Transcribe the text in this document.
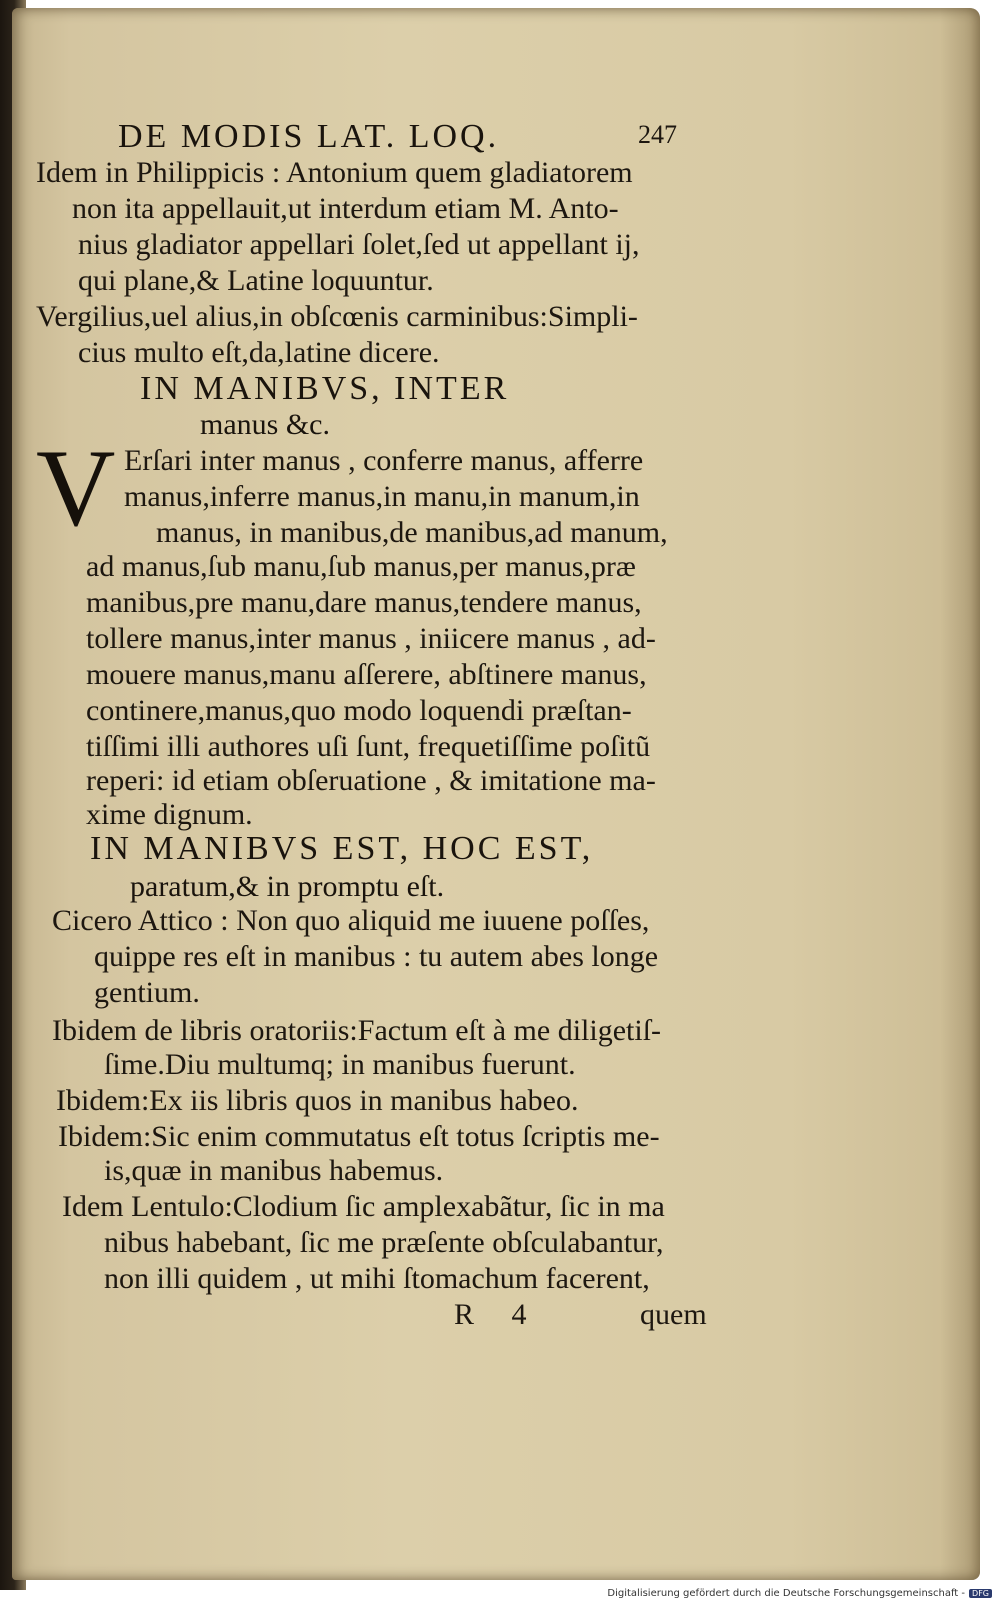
DE MODIS LAT. LOQ.	247
Idem in Philippicis : Antonium quem gladiatorem
non ita appellauit,ut interdum etiam M. Anto-
nius gladiator appellari ſolet,ſed ut appellant ij,
qui plane,& Latine loquuntur.
Vergilius,uel alius,in obſcœnis carminibus:Simpli-
cius multo eſt,da,latine dicere.
IN MANIBVS, INTER
manus &c.
V Erſari inter manus , conferre manus, afferre
manus,inferre manus,in manu,in manum,in
manus, in manibus,de manibus,ad manum,
ad manus,ſub manu,ſub manus,per manus,præ
manibus,pre manu,dare manus,tendere manus,
tollere manus,inter manus , iniicere manus , ad-
mouere manus,manu aſſerere, abſtinere manus,
continere,manus,quo modo loquendi præſtan-
tiſſimi illi authores uſi ſunt, frequetiſſime poſitũ
reperi: id etiam obſeruatione , & imitatione ma-
xime dignum.
IN MANIBVS EST, HOC EST,
paratum,& in promptu eſt.
Cicero Attico : Non quo aliquid me iuuene poſſes,
quippe res eſt in manibus : tu autem abes longe
gentium.
Ibidem de libris oratoriis:Factum eſt à me diligetiſ-
ſime.Diu multumq; in manibus fuerunt.
Ibidem:Ex iis libris quos in manibus habeo.
Ibidem:Sic enim commutatus eſt totus ſcriptis me-
is,quæ in manibus habemus.
Idem Lentulo:Clodium ſic amplexabãtur, ſic in ma
nibus habebant, ſic me præſente obſculabantur,
non illi quidem , ut mihi ſtomachum facerent,
R 4	quem
Digitalisierung gefördert durch die Deutsche Forschungsgemeinschaft - DFG
